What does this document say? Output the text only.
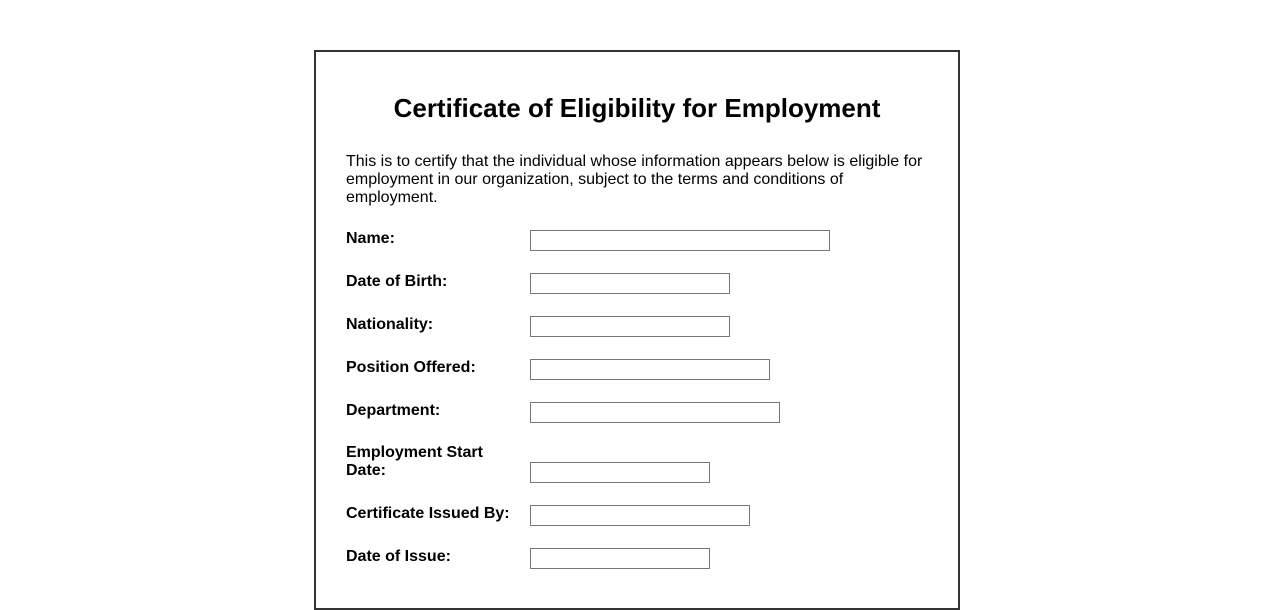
Certificate of Eligibility for Employment

This is to certify that the individual whose information appears below is eligible for employment in our organization, subject to the terms and conditions of employment.

Name:
Date of Birth:
Nationality:
Position Offered:
Department:
Employment Start Date:
Certificate Issued By:
Date of Issue:
